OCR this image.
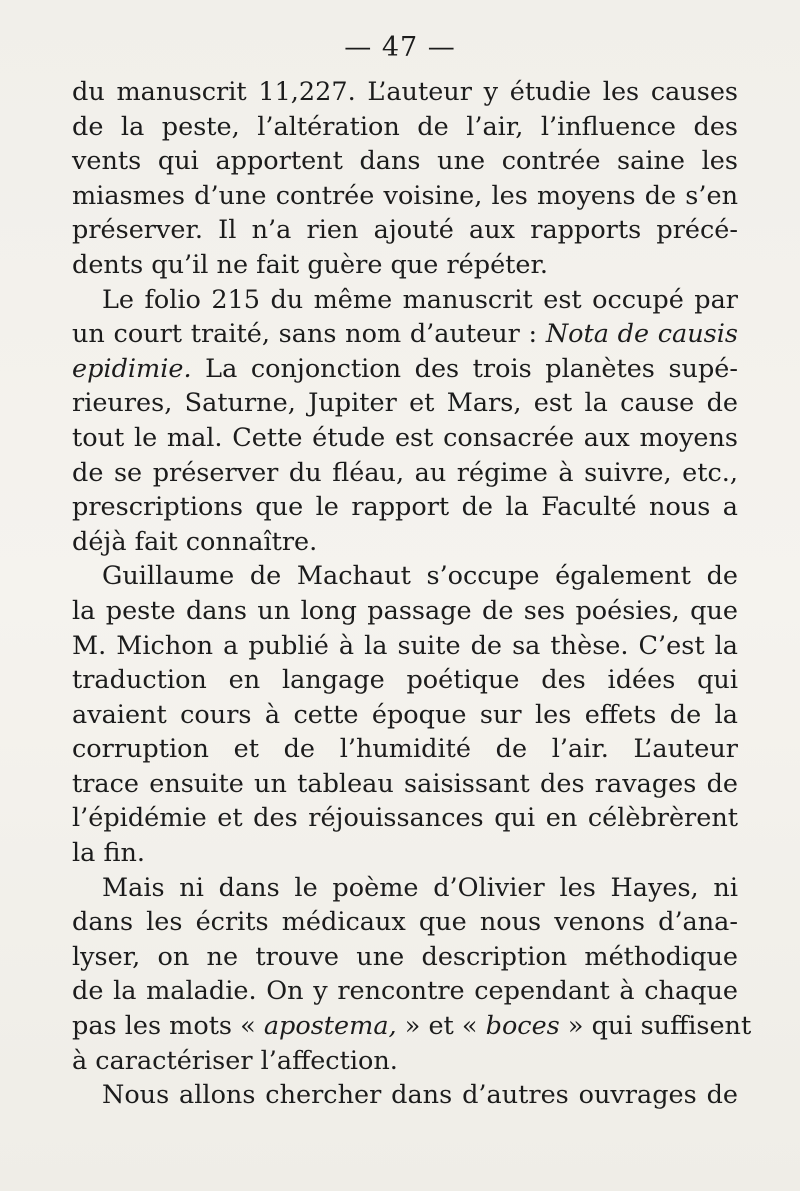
— 47 —
du manuscrit 11,227. L’auteur y étudie les causes
de la peste, l’altération de l’air, l’influence des
vents qui apportent dans une contrée saine les
miasmes d’une contrée voisine, les moyens de s’en
préserver. Il n’a rien ajouté aux rapports précé-
dents qu’il ne fait guère que répéter.
Le folio 215 du même manuscrit est occupé par
un court traité, sans nom d’auteur : Nota de causis
epidimie. La conjonction des trois planètes supé-
rieures, Saturne, Jupiter et Mars, est la cause de
tout le mal. Cette étude est consacrée aux moyens
de se préserver du fléau, au régime à suivre, etc.,
prescriptions que le rapport de la Faculté nous a
déjà fait connaître.
Guillaume de Machaut s’occupe également de
la peste dans un long passage de ses poésies, que
M. Michon a publié à la suite de sa thèse. C’est la
traduction en langage poétique des idées qui
avaient cours à cette époque sur les effets de la
corruption et de l’humidité de l’air. L’auteur
trace ensuite un tableau saisissant des ravages de
l’épidémie et des réjouissances qui en célèbrèrent
la fin.
Mais ni dans le poème d’Olivier les Hayes, ni
dans les écrits médicaux que nous venons d’ana-
lyser, on ne trouve une description méthodique
de la maladie. On y rencontre cependant à chaque
pas les mots « apostema, » et « boces » qui suffisent
à caractériser l’affection.
Nous allons chercher dans d’autres ouvrages de
